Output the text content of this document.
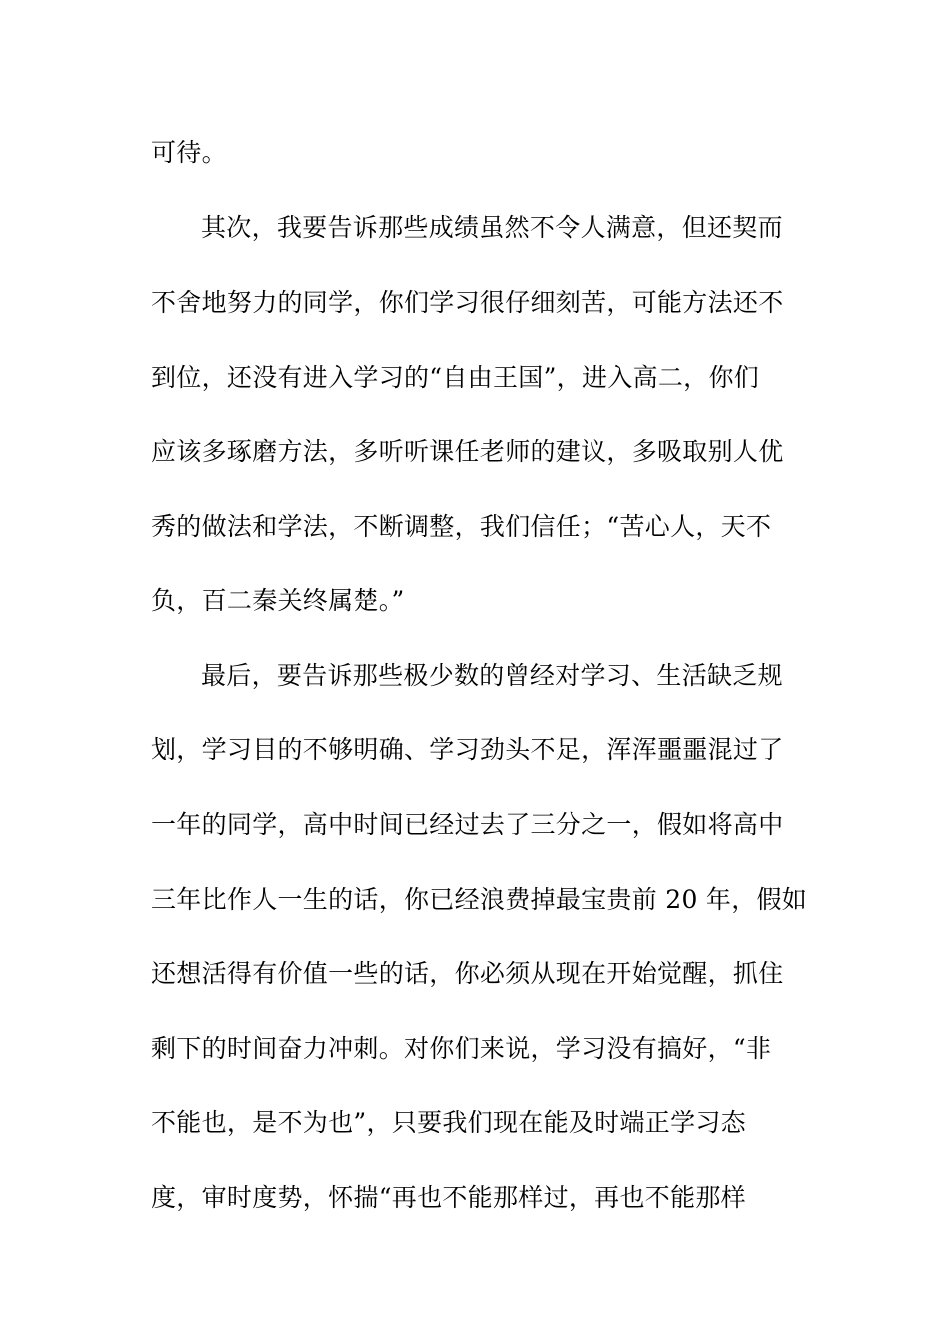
可待。
其次，我要告诉那些成绩虽然不令人满意，但还契而
不舍地努力的同学，你们学习很仔细刻苦，可能方法还不
到位，还没有进入学习的“自由王国”，进入高二，你们
应该多琢磨方法，多听听课任老师的建议，多吸取别人优
秀的做法和学法，不断调整，我们信任；“苦心人，天不
负，百二秦关终属楚。”
最后，要告诉那些极少数的曾经对学习、生活缺乏规
划，学习目的不够明确、学习劲头不足，浑浑噩噩混过了
一年的同学，高中时间已经过去了三分之一，假如将高中
三年比作人一生的话，你已经浪费掉最宝贵前 20 年，假如
还想活得有价值一些的话，你必须从现在开始觉醒，抓住
剩下的时间奋力冲刺。对你们来说，学习没有搞好，“非
不能也，是不为也”，只要我们现在能及时端正学习态
度，审时度势，怀揣“再也不能那样过，再也不能那样
